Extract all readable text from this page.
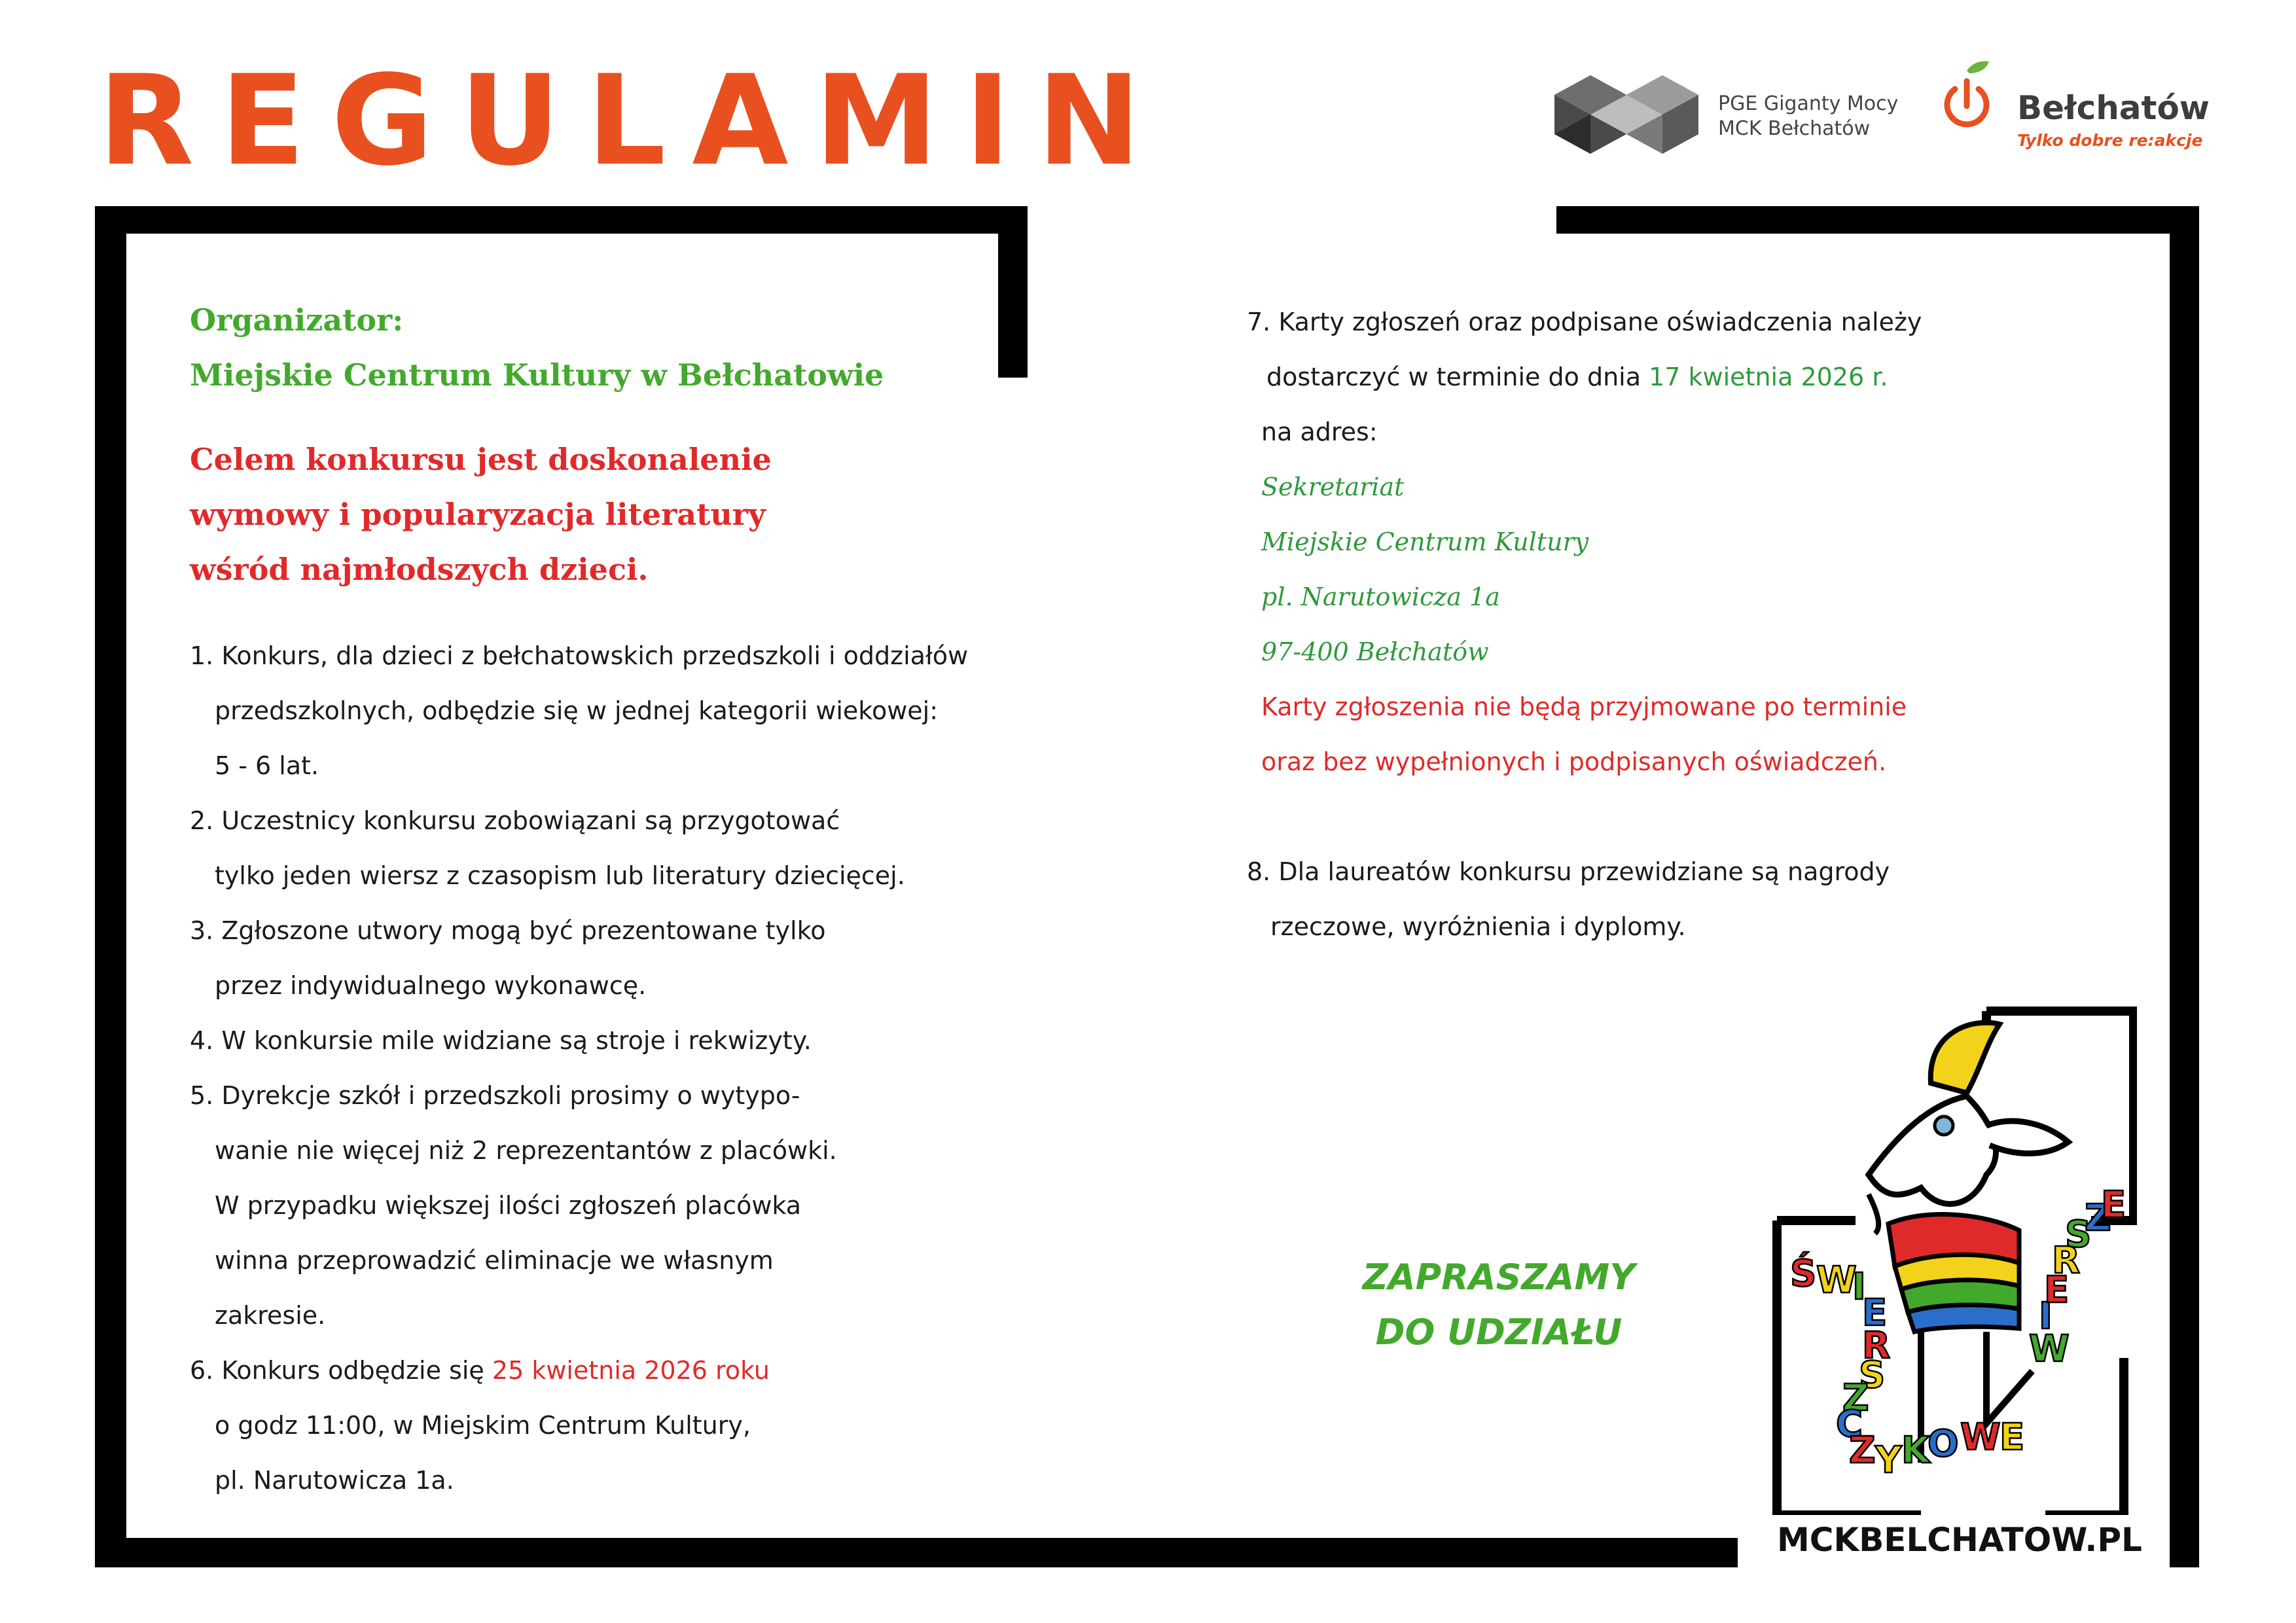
REGULAMIN	PGE Giganty Mocy
MCK Bełchatów
Bełchatów
Tylko dobre re:akcje
Organizator:
Miejskie Centrum Kultury w Bełchatowie
Celem konkursu jest doskonalenie
wymowy i popularyzacja literatury
wśród najmłodszych dzieci.
1. Konkurs, dla dzieci z bełchatowskich przedszkoli i oddziałów
przedszkolnych, odbędzie się w jednej kategorii wiekowej:
5 - 6 lat.
2. Uczestnicy konkursu zobowiązani są przygotować
tylko jeden wiersz z czasopism lub literatury dziecięcej.
3. Zgłoszone utwory mogą być prezentowane tylko
przez indywidualnego wykonawcę.
4. W konkursie mile widziane są stroje i rekwizyty.
5. Dyrekcje szkół i przedszkoli prosimy o wytypo-
wanie nie więcej niż 2 reprezentantów z placówki.
W przypadku większej ilości zgłoszeń placówka
winna przeprowadzić eliminacje we własnym
zakresie.
6. Konkurs odbędzie się 25 kwietnia 2026 roku
o godz 11:00, w Miejskim Centrum Kultury,
pl. Narutowicza 1a.
7. Karty zgłoszeń oraz podpisane oświadczenia należy
dostarczyć w terminie do dnia 17 kwietnia 2026 r.
na adres:
Sekretariat
Miejskie Centrum Kultury
pl. Narutowicza 1a
97-400 Bełchatów
Karty zgłoszenia nie będą przyjmowane po terminie
oraz bez wypełnionych i podpisanych oświadczeń.
8. Dla laureatów konkursu przewidziane są nagrody
rzeczowe, wyróżnienia i dyplomy.
ZAPRASZAMY
DO UDZIAŁU
Ś W
I
E
R
S
Z
C
Z Y K
O W
E
W
I
E
R
S
Z
E
MCKBELCHATOW.PL
